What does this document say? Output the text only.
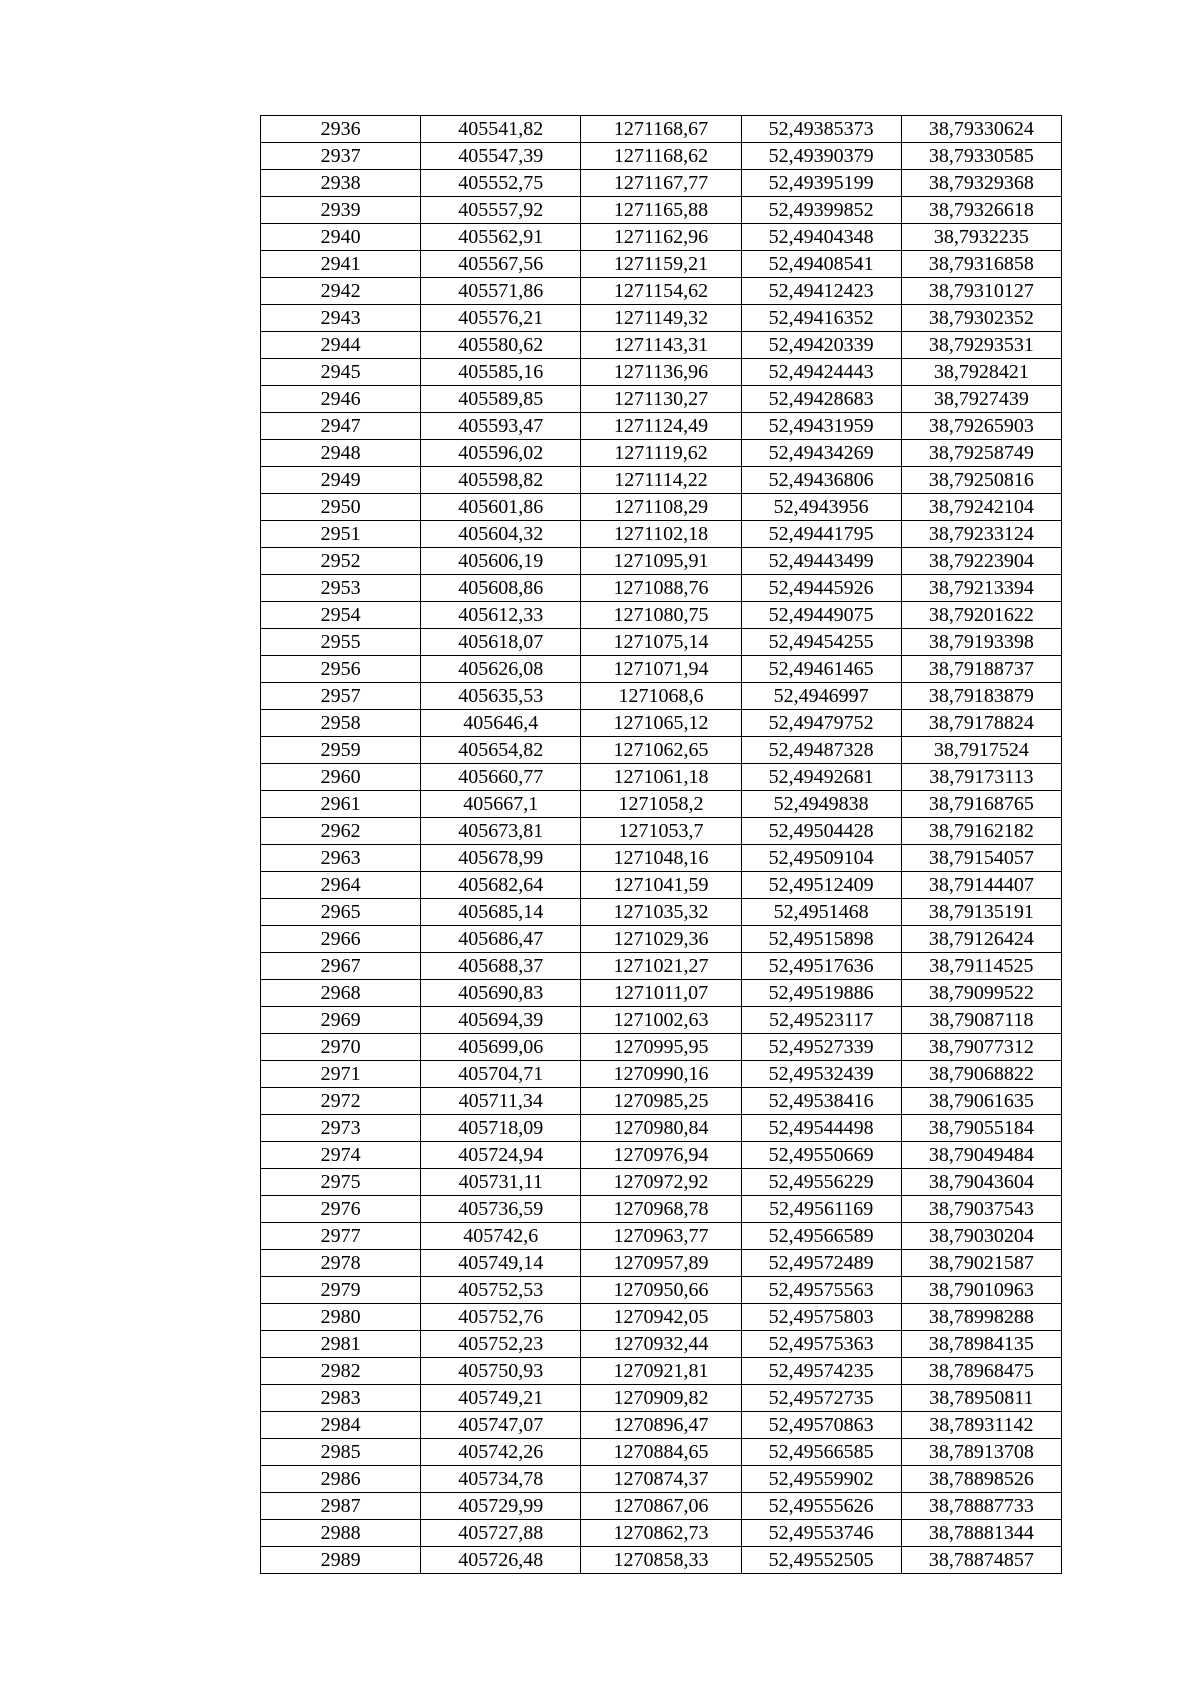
2936	405541,82	1271168,67	52,49385373	38,79330624
2937	405547,39	1271168,62	52,49390379	38,79330585
2938	405552,75	1271167,77	52,49395199	38,79329368
2939	405557,92	1271165,88	52,49399852	38,79326618
2940	405562,91	1271162,96	52,49404348	38,7932235
2941	405567,56	1271159,21	52,49408541	38,79316858
2942	405571,86	1271154,62	52,49412423	38,79310127
2943	405576,21	1271149,32	52,49416352	38,79302352
2944	405580,62	1271143,31	52,49420339	38,79293531
2945	405585,16	1271136,96	52,49424443	38,7928421
2946	405589,85	1271130,27	52,49428683	38,7927439
2947	405593,47	1271124,49	52,49431959	38,79265903
2948	405596,02	1271119,62	52,49434269	38,79258749
2949	405598,82	1271114,22	52,49436806	38,79250816
2950	405601,86	1271108,29	52,4943956	38,79242104
2951	405604,32	1271102,18	52,49441795	38,79233124
2952	405606,19	1271095,91	52,49443499	38,79223904
2953	405608,86	1271088,76	52,49445926	38,79213394
2954	405612,33	1271080,75	52,49449075	38,79201622
2955	405618,07	1271075,14	52,49454255	38,79193398
2956	405626,08	1271071,94	52,49461465	38,79188737
2957	405635,53	1271068,6	52,4946997	38,79183879
2958	405646,4	1271065,12	52,49479752	38,79178824
2959	405654,82	1271062,65	52,49487328	38,7917524
2960	405660,77	1271061,18	52,49492681	38,79173113
2961	405667,1	1271058,2	52,4949838	38,79168765
2962	405673,81	1271053,7	52,49504428	38,79162182
2963	405678,99	1271048,16	52,49509104	38,79154057
2964	405682,64	1271041,59	52,49512409	38,79144407
2965	405685,14	1271035,32	52,4951468	38,79135191
2966	405686,47	1271029,36	52,49515898	38,79126424
2967	405688,37	1271021,27	52,49517636	38,79114525
2968	405690,83	1271011,07	52,49519886	38,79099522
2969	405694,39	1271002,63	52,49523117	38,79087118
2970	405699,06	1270995,95	52,49527339	38,79077312
2971	405704,71	1270990,16	52,49532439	38,79068822
2972	405711,34	1270985,25	52,49538416	38,79061635
2973	405718,09	1270980,84	52,49544498	38,79055184
2974	405724,94	1270976,94	52,49550669	38,79049484
2975	405731,11	1270972,92	52,49556229	38,79043604
2976	405736,59	1270968,78	52,49561169	38,79037543
2977	405742,6	1270963,77	52,49566589	38,79030204
2978	405749,14	1270957,89	52,49572489	38,79021587
2979	405752,53	1270950,66	52,49575563	38,79010963
2980	405752,76	1270942,05	52,49575803	38,78998288
2981	405752,23	1270932,44	52,49575363	38,78984135
2982	405750,93	1270921,81	52,49574235	38,78968475
2983	405749,21	1270909,82	52,49572735	38,78950811
2984	405747,07	1270896,47	52,49570863	38,78931142
2985	405742,26	1270884,65	52,49566585	38,78913708
2986	405734,78	1270874,37	52,49559902	38,78898526
2987	405729,99	1270867,06	52,49555626	38,78887733
2988	405727,88	1270862,73	52,49553746	38,78881344
2989	405726,48	1270858,33	52,49552505	38,78874857
